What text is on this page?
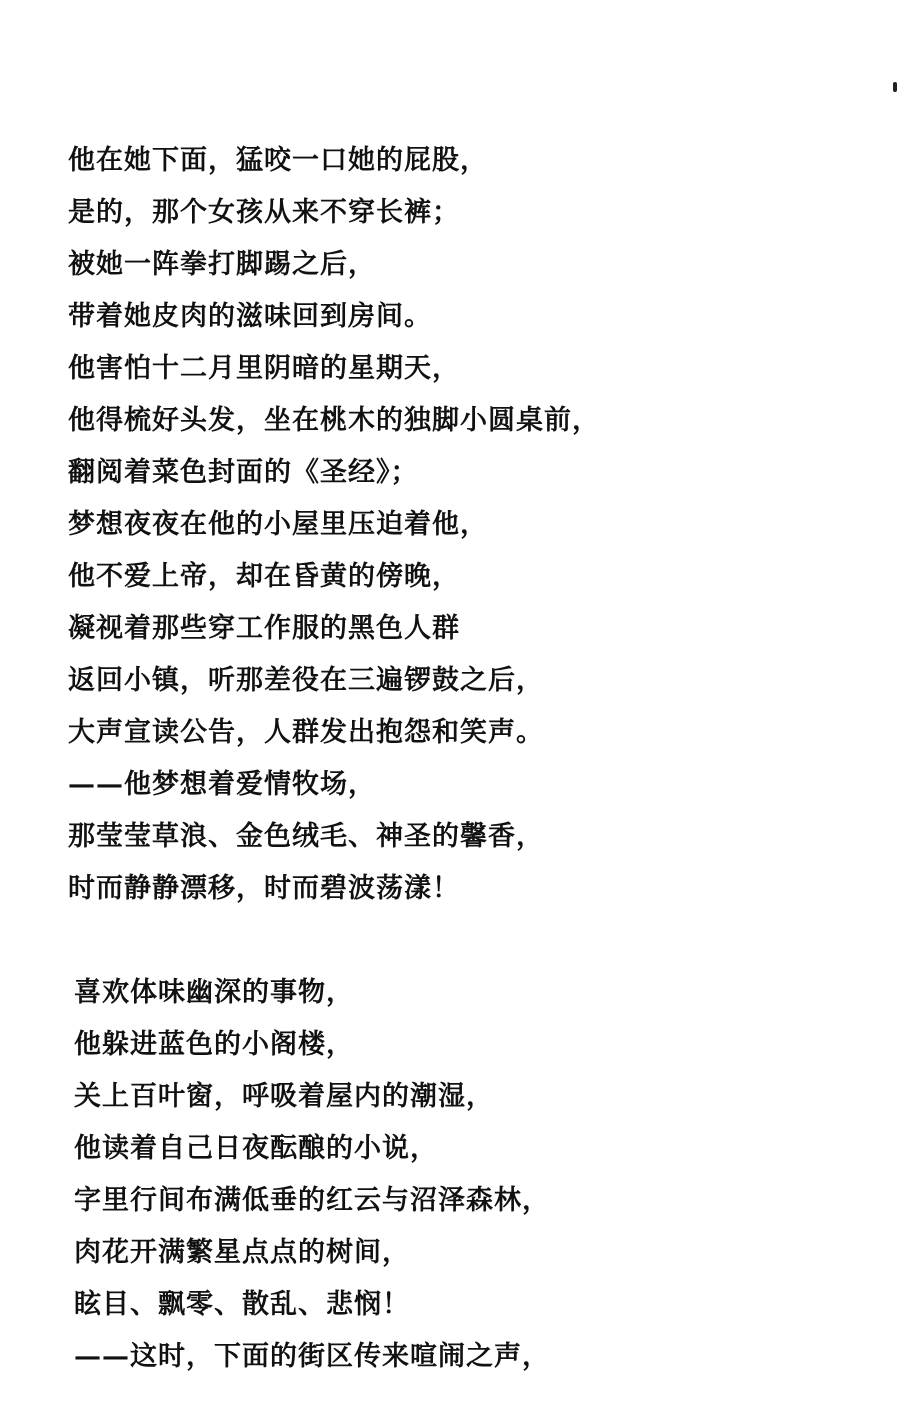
他在她下面，猛咬一口她的屁股，
是的，那个女孩从来不穿长裤；
被她一阵拳打脚踢之后，
带着她皮肉的滋味回到房间。
他害怕十二月里阴暗的星期天，
他得梳好头发，坐在桃木的独脚小圆桌前，
翻阅着菜色封面的《圣经》；
梦想夜夜在他的小屋里压迫着他，
他不爱上帝，却在昏黄的傍晚，
凝视着那些穿工作服的黑色人群
返回小镇，听那差役在三遍锣鼓之后，
大声宣读公告，人群发出抱怨和笑声。
——他梦想着爱情牧场，
那莹莹草浪、金色绒毛、神圣的馨香，
时而静静漂移，时而碧波荡漾！
喜欢体味幽深的事物，
他躲进蓝色的小阁楼，
关上百叶窗，呼吸着屋内的潮湿，
他读着自己日夜酝酿的小说，
字里行间布满低垂的红云与沼泽森林，
肉花开满繁星点点的树间，
眩目、飘零、散乱、悲悯！
——这时，下面的街区传来喧闹之声，
